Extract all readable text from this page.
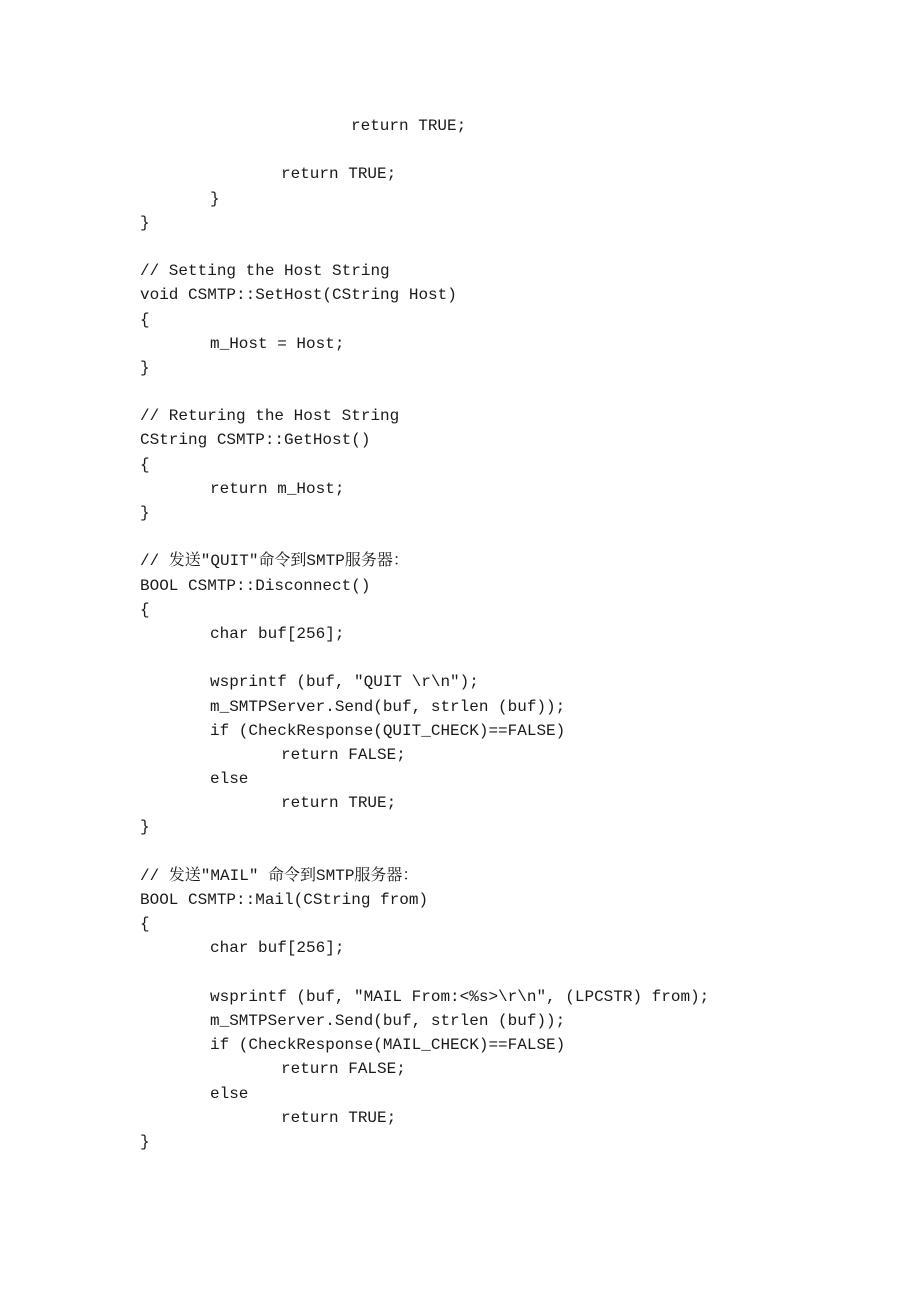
return TRUE;
return TRUE;
}
}
// Setting the Host String
void CSMTP::SetHost(CString Host)
{
m_Host = Host;
}
// Returing the Host String
CString CSMTP::GetHost()
{
return m_Host;
}
// 发送"QUIT"命令到SMTP服务器：
BOOL CSMTP::Disconnect()
{
char buf[256];
wsprintf (buf, "QUIT \r\n");
m_SMTPServer.Send(buf, strlen (buf));
if (CheckResponse(QUIT_CHECK)==FALSE)
return FALSE;
else
return TRUE;
}
// 发送"MAIL" 命令到SMTP服务器：
BOOL CSMTP::Mail(CString from)
{
char buf[256];
wsprintf (buf, "MAIL From:<%s>\r\n", (LPCSTR) from);
m_SMTPServer.Send(buf, strlen (buf));
if (CheckResponse(MAIL_CHECK)==FALSE)
return FALSE;
else
return TRUE;
}
